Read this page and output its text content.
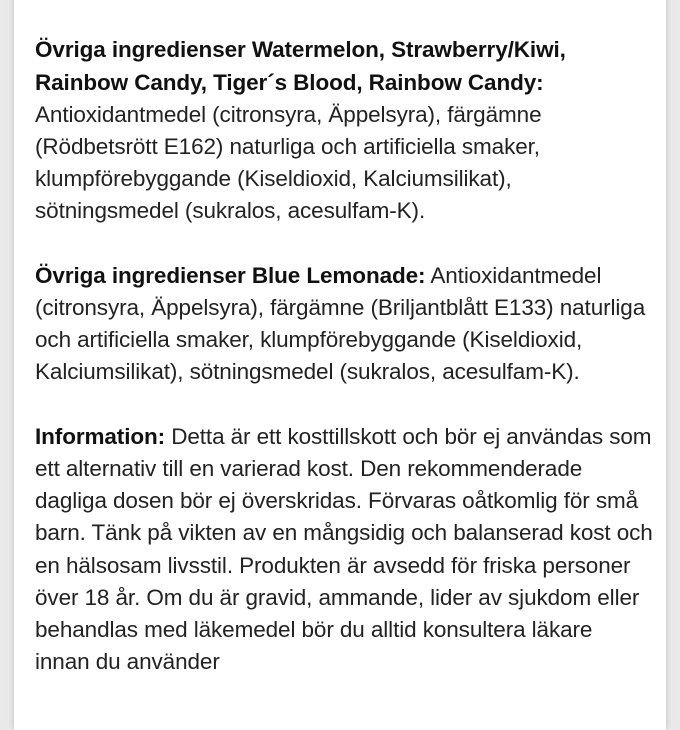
Övriga ingredienser Watermelon, Strawberry/Kiwi, Rainbow Candy, Tiger´s Blood, Rainbow Candy: Antioxidantmedel (citronsyra, Äppelsyra), färgämne (Rödbetsrött E162) naturliga och artificiella smaker, klumpförebyggande (Kiseldioxid, Kalciumsilikat), sötningsmedel (sukralos, acesulfam-K).

Övriga ingredienser Blue Lemonade: Antioxidantmedel (citronsyra, Äppelsyra), färgämne (Briljantblått E133) naturliga och artificiella smaker, klumpförebyggande (Kiseldioxid, Kalciumsilikat), sötningsmedel (sukralos, acesulfam-K).

Information: Detta är ett kosttillskott och bör ej användas som ett alternativ till en varierad kost. Den rekommenderade dagliga dosen bör ej överskridas. Förvaras oåtkomlig för små barn. Tänk på vikten av en mångsidig och balanserad kost och en hälsosam livsstil. Produkten är avsedd för friska personer över 18 år. Om du är gravid, ammande, lider av sjukdom eller behandlas med läkemedel bör du alltid konsultera läkare innan du använder
